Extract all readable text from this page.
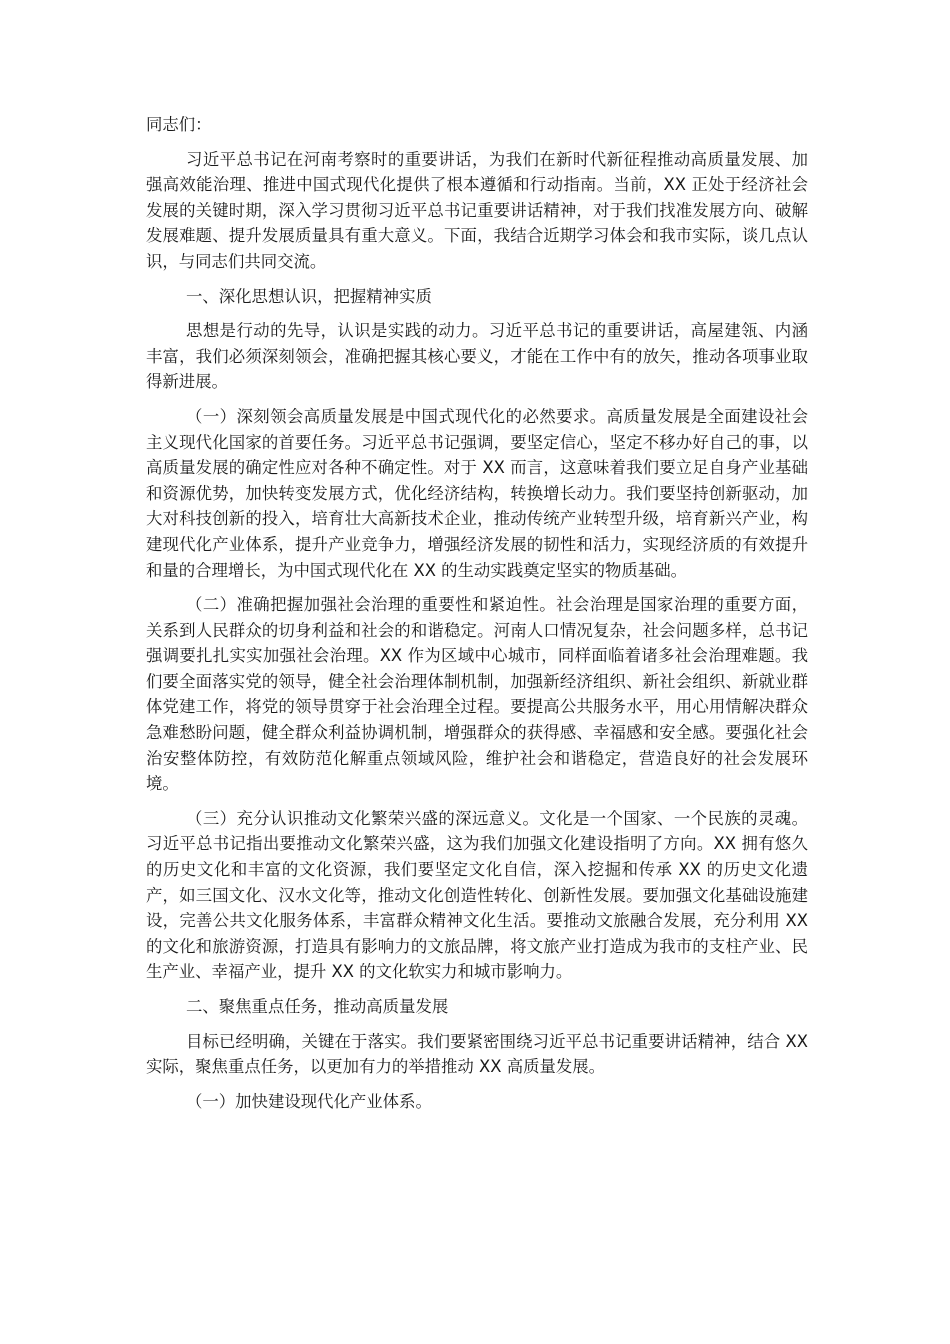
同志们：

习近平总书记在河南考察时的重要讲话，为我们在新时代新征程推动高质量发展、加强高效能治理、推进中国式现代化提供了根本遵循和行动指南。当前，XX 正处于经济社会发展的关键时期，深入学习贯彻习近平总书记重要讲话精神，对于我们找准发展方向、破解发展难题、提升发展质量具有重大意义。下面，我结合近期学习体会和我市实际，谈几点认识，与同志们共同交流。

一、深化思想认识，把握精神实质

思想是行动的先导，认识是实践的动力。习近平总书记的重要讲话，高屋建瓴、内涵丰富，我们必须深刻领会，准确把握其核心要义，才能在工作中有的放矢，推动各项事业取得新进展。

（一）深刻领会高质量发展是中国式现代化的必然要求。高质量发展是全面建设社会主义现代化国家的首要任务。习近平总书记强调，要坚定信心，坚定不移办好自己的事，以高质量发展的确定性应对各种不确定性。对于 XX 而言，这意味着我们要立足自身产业基础和资源优势，加快转变发展方式，优化经济结构，转换增长动力。我们要坚持创新驱动，加大对科技创新的投入，培育壮大高新技术企业，推动传统产业转型升级，培育新兴产业，构建现代化产业体系，提升产业竞争力，增强经济发展的韧性和活力，实现经济质的有效提升和量的合理增长，为中国式现代化在 XX 的生动实践奠定坚实的物质基础。

（二）准确把握加强社会治理的重要性和紧迫性。社会治理是国家治理的重要方面，关系到人民群众的切身利益和社会的和谐稳定。河南人口情况复杂，社会问题多样，总书记强调要扎扎实实加强社会治理。XX 作为区域中心城市，同样面临着诸多社会治理难题。我们要全面落实党的领导，健全社会治理体制机制，加强新经济组织、新社会组织、新就业群体党建工作，将党的领导贯穿于社会治理全过程。要提高公共服务水平，用心用情解决群众急难愁盼问题，健全群众利益协调机制，增强群众的获得感、幸福感和安全感。要强化社会治安整体防控，有效防范化解重点领域风险，维护社会和谐稳定，营造良好的社会发展环境。

（三）充分认识推动文化繁荣兴盛的深远意义。文化是一个国家、一个民族的灵魂。习近平总书记指出要推动文化繁荣兴盛，这为我们加强文化建设指明了方向。XX 拥有悠久的历史文化和丰富的文化资源，我们要坚定文化自信，深入挖掘和传承 XX 的历史文化遗产，如三国文化、汉水文化等，推动文化创造性转化、创新性发展。要加强文化基础设施建设，完善公共文化服务体系，丰富群众精神文化生活。要推动文旅融合发展，充分利用 XX 的文化和旅游资源，打造具有影响力的文旅品牌，将文旅产业打造成为我市的支柱产业、民生产业、幸福产业，提升 XX 的文化软实力和城市影响力。

二、聚焦重点任务，推动高质量发展

目标已经明确，关键在于落实。我们要紧密围绕习近平总书记重要讲话精神，结合 XX 实际，聚焦重点任务，以更加有力的举措推动 XX 高质量发展。

（一）加快建设现代化产业体系。
